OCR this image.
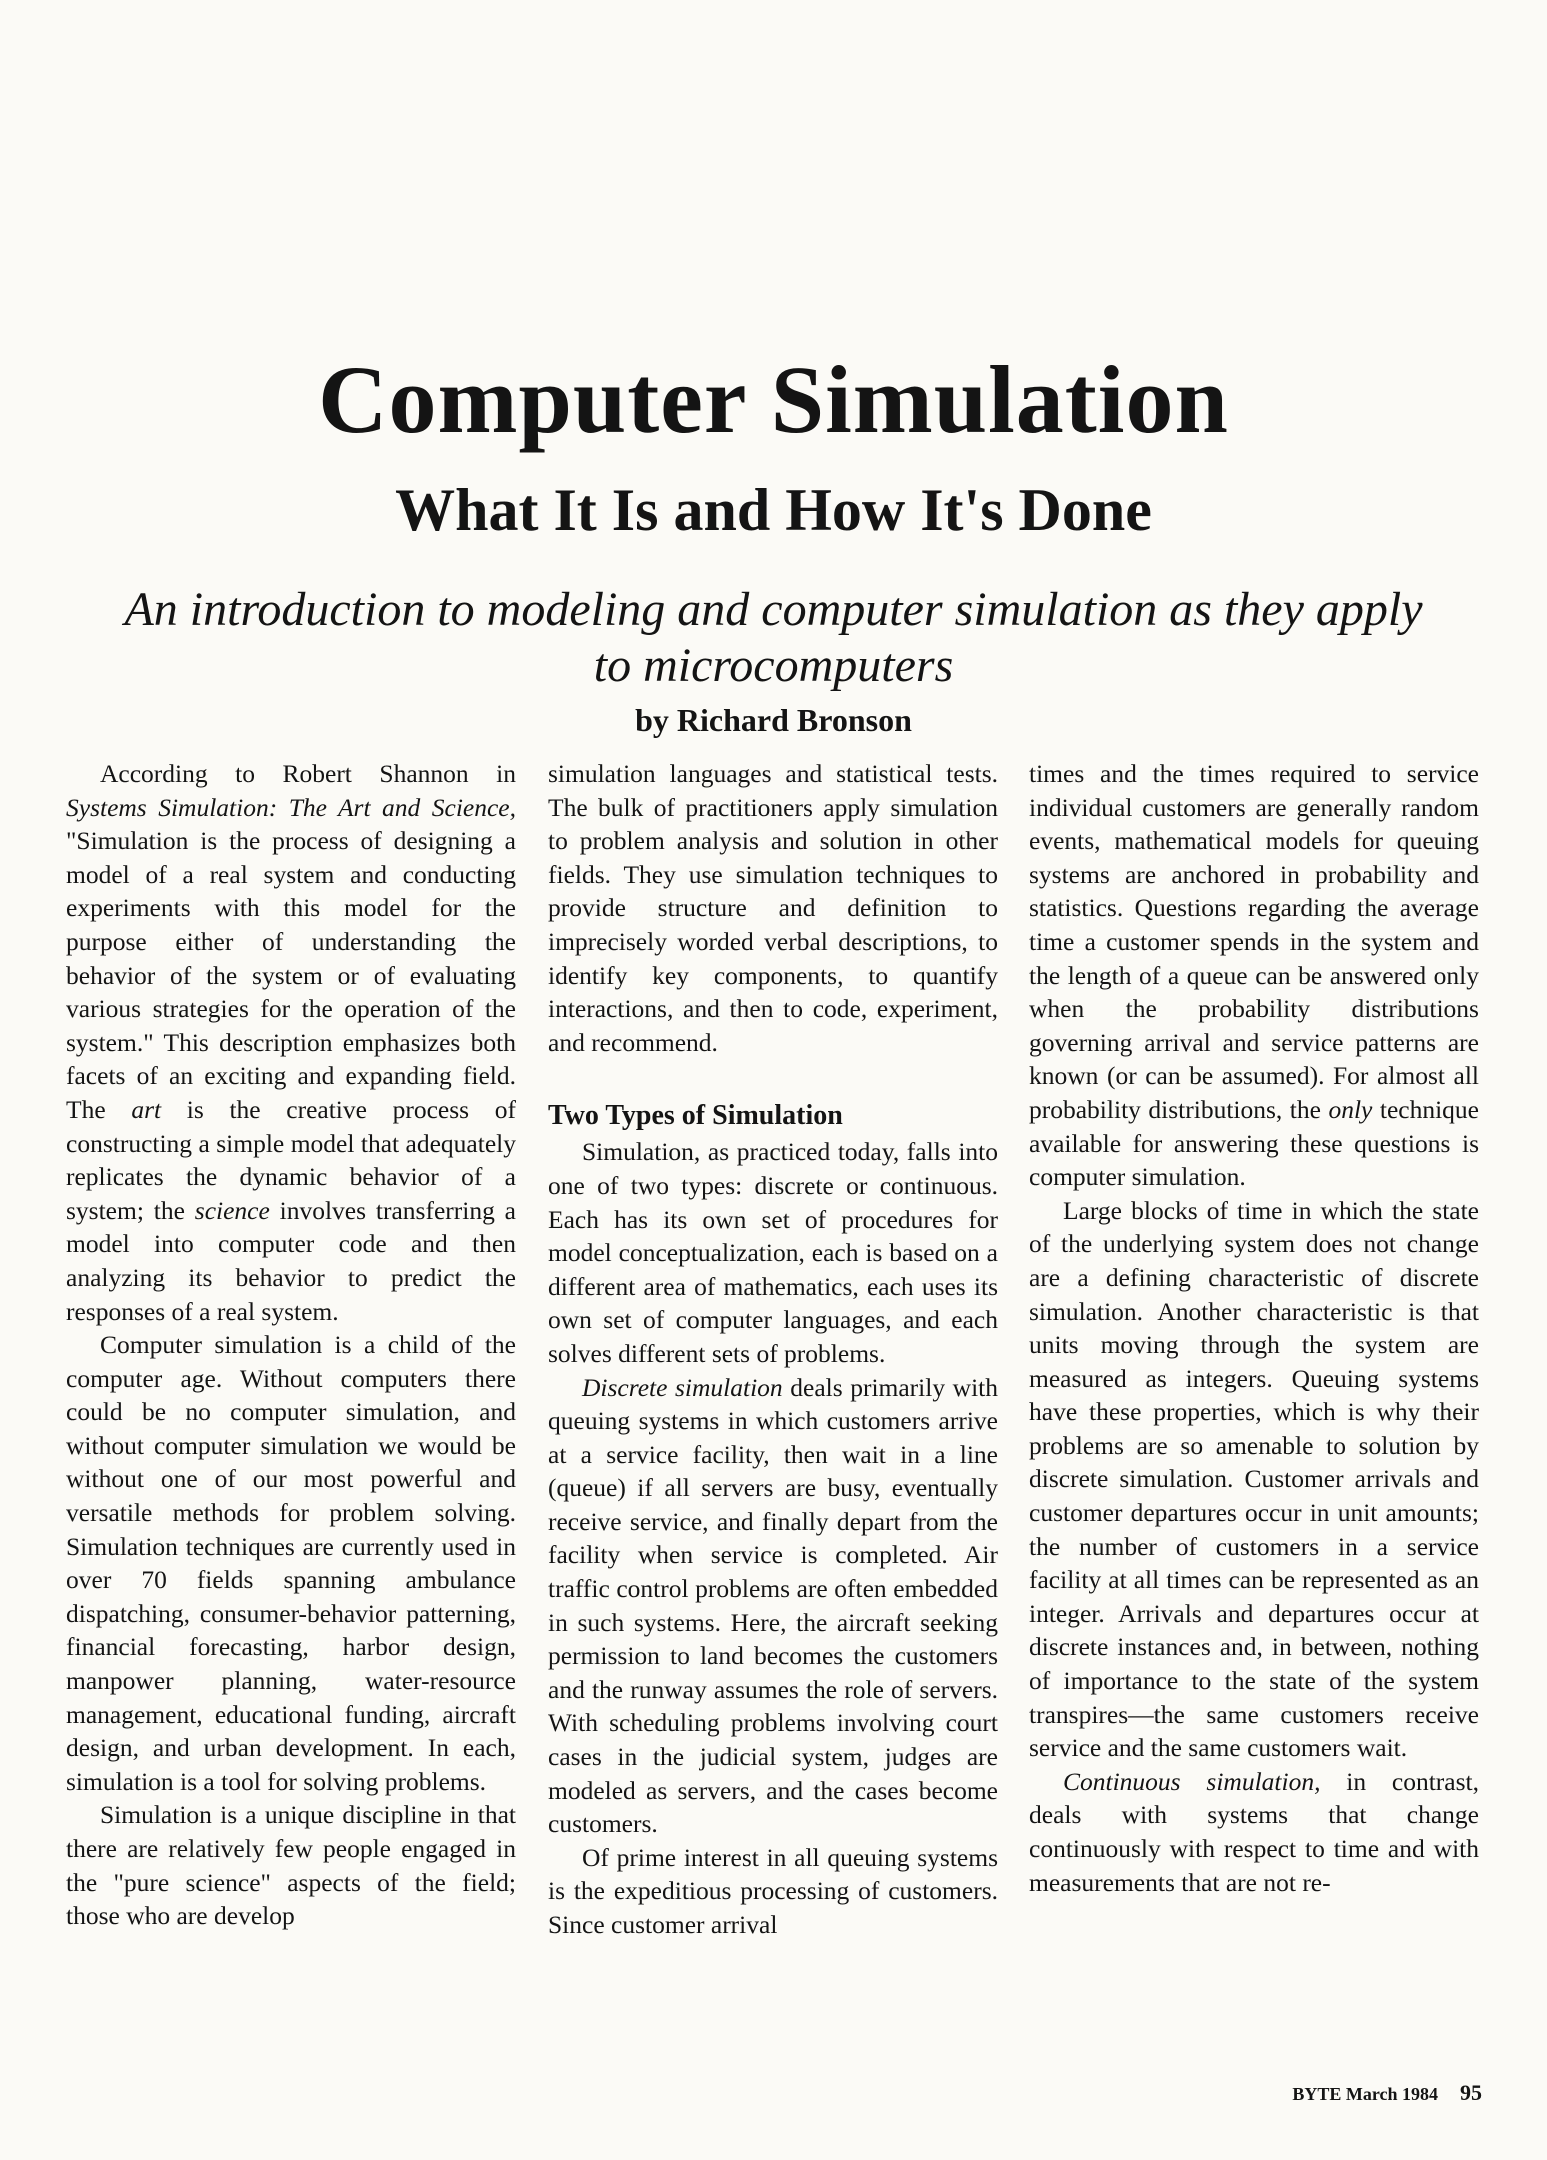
Computer Simulation
What It Is and How It's Done

An introduction to modeling and computer simulation as they apply to microcomputers

by Richard Bronson

According to Robert Shannon in Systems Simulation: The Art and Science, "Simulation is the process of designing a model of a real system and conducting experiments with this model for the purpose either of understanding the behavior of the system or of evaluating various strategies for the operation of the system." This description emphasizes both facets of an exciting and expanding field. The art is the creative process of constructing a simple model that adequately replicates the dynamic behavior of a system; the science involves transferring a model into computer code and then analyzing its behavior to predict the responses of a real system.

Computer simulation is a child of the computer age. Without computers there could be no computer simulation, and without computer simulation we would be without one of our most powerful and versatile methods for problem solving. Simulation techniques are currently used in over 70 fields spanning ambulance dispatching, consumer-behavior patterning, financial forecasting, harbor design, manpower planning, water-resource management, educational funding, aircraft design, and urban development. In each, simulation is a tool for solving problems.

Simulation is a unique discipline in that there are relatively few people engaged in the "pure science" aspects of the field; those who are develop

simulation languages and statistical tests. The bulk of practitioners apply simulation to problem analysis and solution in other fields. They use simulation techniques to provide structure and definition to imprecisely worded verbal descriptions, to identify key components, to quantify interactions, and then to code, experiment, and recommend.

Two Types of Simulation

Simulation, as practiced today, falls into one of two types: discrete or continuous. Each has its own set of procedures for model conceptualization, each is based on a different area of mathematics, each uses its own set of computer languages, and each solves different sets of problems.

Discrete simulation deals primarily with queuing systems in which customers arrive at a service facility, then wait in a line (queue) if all servers are busy, eventually receive service, and finally depart from the facility when service is completed. Air traffic control problems are often embedded in such systems. Here, the aircraft seeking permission to land becomes the customers and the runway assumes the role of servers. With scheduling problems involving court cases in the judicial system, judges are modeled as servers, and the cases become customers.

Of prime interest in all queuing systems is the expeditious processing of customers. Since customer arrival

times and the times required to service individual customers are generally random events, mathematical models for queuing systems are anchored in probability and statistics. Questions regarding the average time a customer spends in the system and the length of a queue can be answered only when the probability distributions governing arrival and service patterns are known (or can be assumed). For almost all probability distributions, the only technique available for answering these questions is computer simulation.

Large blocks of time in which the state of the underlying system does not change are a defining characteristic of discrete simulation. Another characteristic is that units moving through the system are measured as integers. Queuing systems have these properties, which is why their problems are so amenable to solution by discrete simulation. Customer arrivals and customer departures occur in unit amounts; the number of customers in a service facility at all times can be represented as an integer. Arrivals and departures occur at discrete instances and, in between, nothing of importance to the state of the system transpires—the same customers receive service and the same customers wait.

Continuous simulation, in contrast, deals with systems that change continuously with respect to time and with measurements that are not re-

BYTE March 1984 95
